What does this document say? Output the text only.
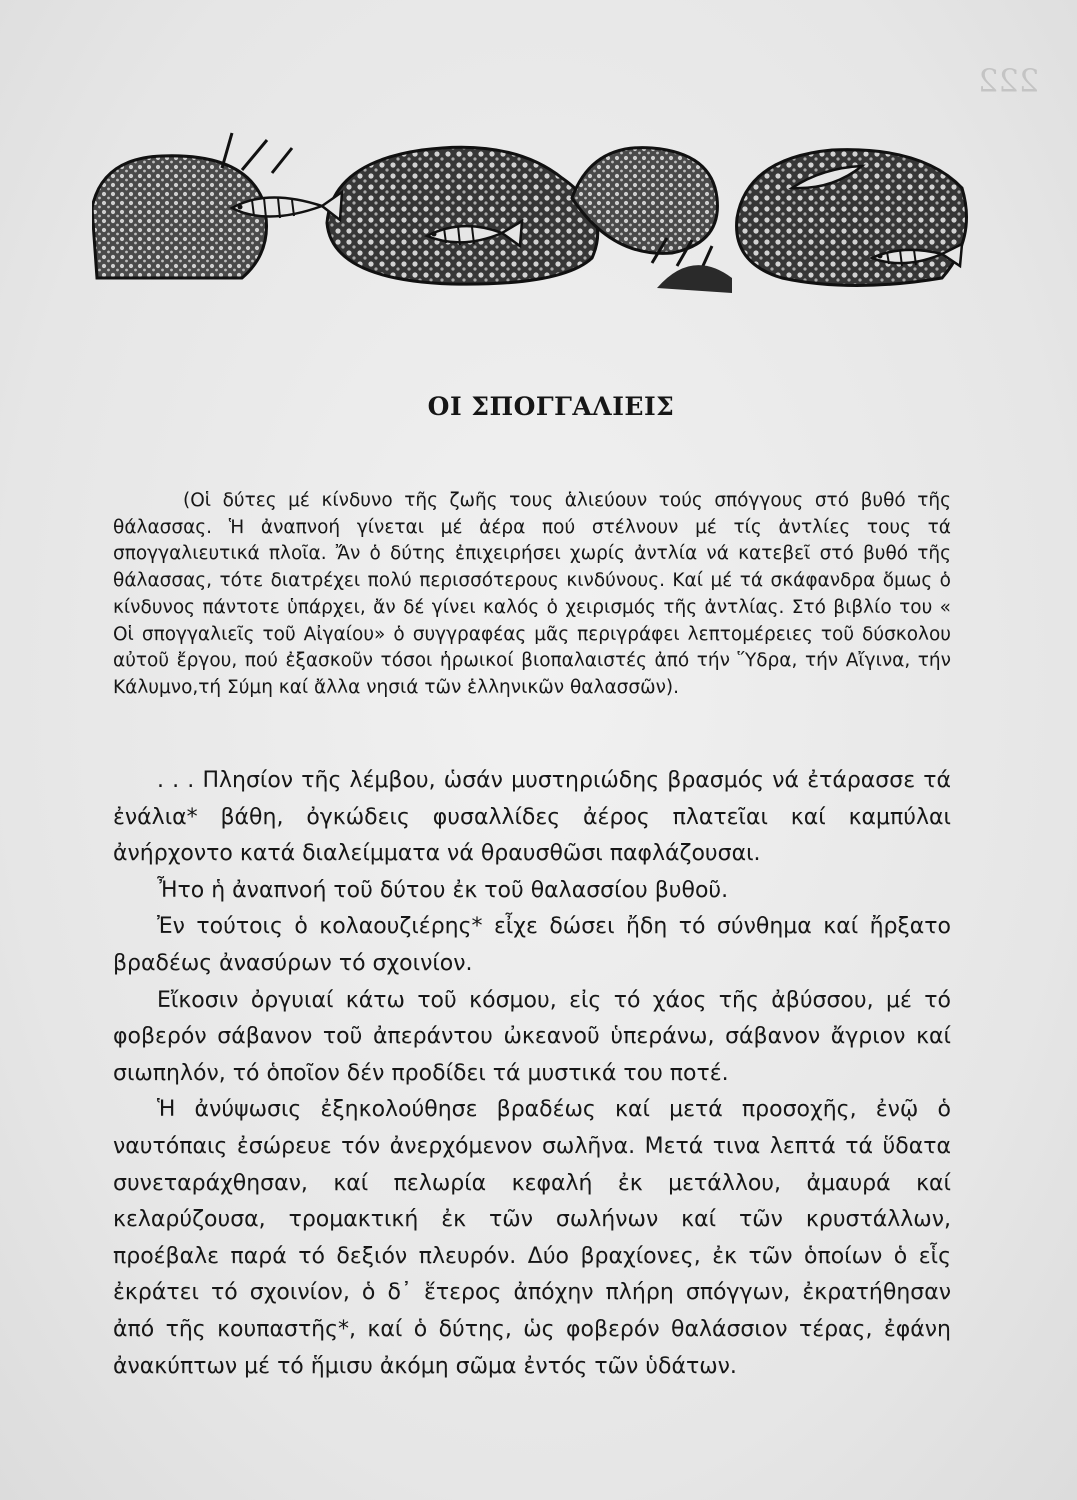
222
ΟΙ ΣΠΟΓΓΑΛΙΕΙΣ

(Οἱ δύτες μέ κίνδυνο τῆς ζωῆς τους ἁλιεύουν τούς σπόγγους στό βυθό τῆς θάλασσας. Ἡ ἀναπνοή γίνεται μέ ἀέρα πού στέλνουν μέ τίς ἀντλίες τους τά σπογγαλιευτικά πλοῖα. Ἄν ὁ δύτης ἐπιχειρήσει χωρίς ἀντλία νά κατεβεῖ στό βυθό τῆς θάλασσας, τότε διατρέχει πολύ περισσότερους κινδύνους. Καί μέ τά σκάφανδρα ὅμως ὁ κίνδυνος πάντοτε ὑπάρχει, ἄν δέ γίνει καλός ὁ χειρισμός τῆς ἀντλίας. Στό βιβλίο του « Οἱ σπογγαλιεῖς τοῦ Αἰγαίου» ὁ συγγραφέας μᾶς περιγράφει λεπτομέρειες τοῦ δύσκολου αὐτοῦ ἔργου, πού ἐξασκοῦν τόσοι ἡρωικοί βιοπαλαιστές ἀπό τήν Ὕδρα, τήν Αἴγινα, τήν Κάλυμνο,τή Σύμη καί ἄλλα νησιά τῶν ἑλληνικῶν θαλασσῶν).

. . . Πλησίον τῆς λέμβου, ὡσάν μυστηριώδης βρασμός νά ἐτάρασσε τά ἐνάλια* βάθη, ὀγκώδεις φυσαλλίδες ἀέρος πλατεῖαι καί καμπύλαι ἀνήρχοντο κατά διαλείμματα νά θραυσθῶσι παφλάζουσαι.

Ἦτο ἡ ἀναπνοή τοῦ δύτου ἐκ τοῦ θαλασσίου βυθοῦ.

Ἐν τούτοις ὁ κολαουζιέρης* εἶχε δώσει ἤδη τό σύνθημα καί ἤρξατο βραδέως ἀνασύρων τό σχοινίον.

Εἴκοσιν ὀργυιαί κάτω τοῦ κόσμου, εἰς τό χάος τῆς ἀβύσσου, μέ τό φοβερόν σάβανον τοῦ ἀπεράντου ὠκεανοῦ ὑπεράνω, σάβανον ἄγριον καί σιωπηλόν, τό ὁποῖον δέν προδίδει τά μυστικά του ποτέ.

Ἡ ἀνύψωσις ἐξηκολούθησε βραδέως καί μετά προσοχῆς, ἐνῷ ὁ ναυτόπαις ἐσώρευε τόν ἀνερχόμενον σωλῆνα. Μετά τινα λεπτά τά ὕδατα συνεταράχθησαν, καί πελωρία κεφαλή ἐκ μετάλλου, ἀμαυρά καί κελαρύζουσα, τρομακτική ἐκ τῶν σωλήνων καί τῶν κρυστάλλων, προέβαλε παρά τό δεξιόν πλευρόν. Δύο βραχίονες, ἐκ τῶν ὁποίων ὁ εἷς ἐκράτει τό σχοινίον, ὁ δ᾽ ἕτερος ἀπόχην πλήρη σπόγγων, ἐκρατήθησαν ἀπό τῆς κουπαστῆς*, καί ὁ δύτης, ὡς φοβερόν θαλάσσιον τέρας, ἐφάνη ἀνακύπτων μέ τό ἥμισυ ἀκόμη σῶμα ἐντός τῶν ὑδάτων.
